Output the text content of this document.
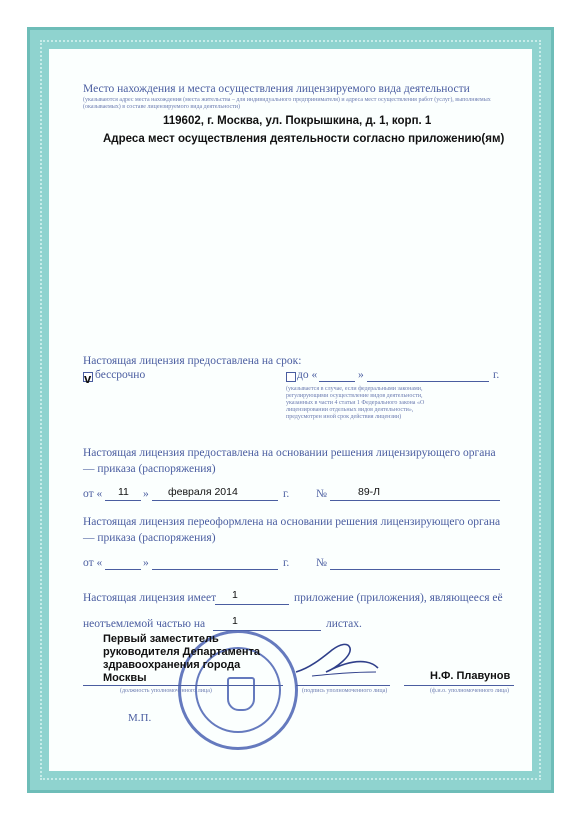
Место нахождения и места осуществления лицензируемого вида деятельности
(указываются адрес места нахождения (места жительства – для индивидуального предпринимателя) и адреса мест осуществления работ (услуг), выполняемых (оказываемых) в составе лицензируемого вида деятельности)
119602, г. Москва, ул. Покрышкина, д. 1, корп. 1
Адреса мест осуществления деятельности согласно приложению(ям)
Настоящая лицензия предоставлена на срок:
v бессрочно	до «	»	г.
(указывается в случае, если федеральными законами, регулирующими осуществление видов деятельности, указанных в части 4 статьи 1 Федерального закона «О лицензировании отдельных видов деятельности», предусмотрен иной срок действия лицензии)
Настоящая лицензия предоставлена на основании решения лицензирующего органа
— приказа (распоряжения)
от « 11 » февраля 2014	г. №	89-Л
Настоящая лицензия переоформлена на основании решения лицензирующего органа
— приказа (распоряжения)
от «	»	г. №
Настоящая лицензия имеет 1	приложение (приложения), являющееся её
неотъемлемой частью на	1	листах.
Первый заместитель
руководителя Департамента
здравоохранения города
Москвы
(должность уполномоченного лица)	(подпись уполномоченного лица)
Н.Ф. Плавунов
(ф.и.о. уполномоченного лица)
М.П.
